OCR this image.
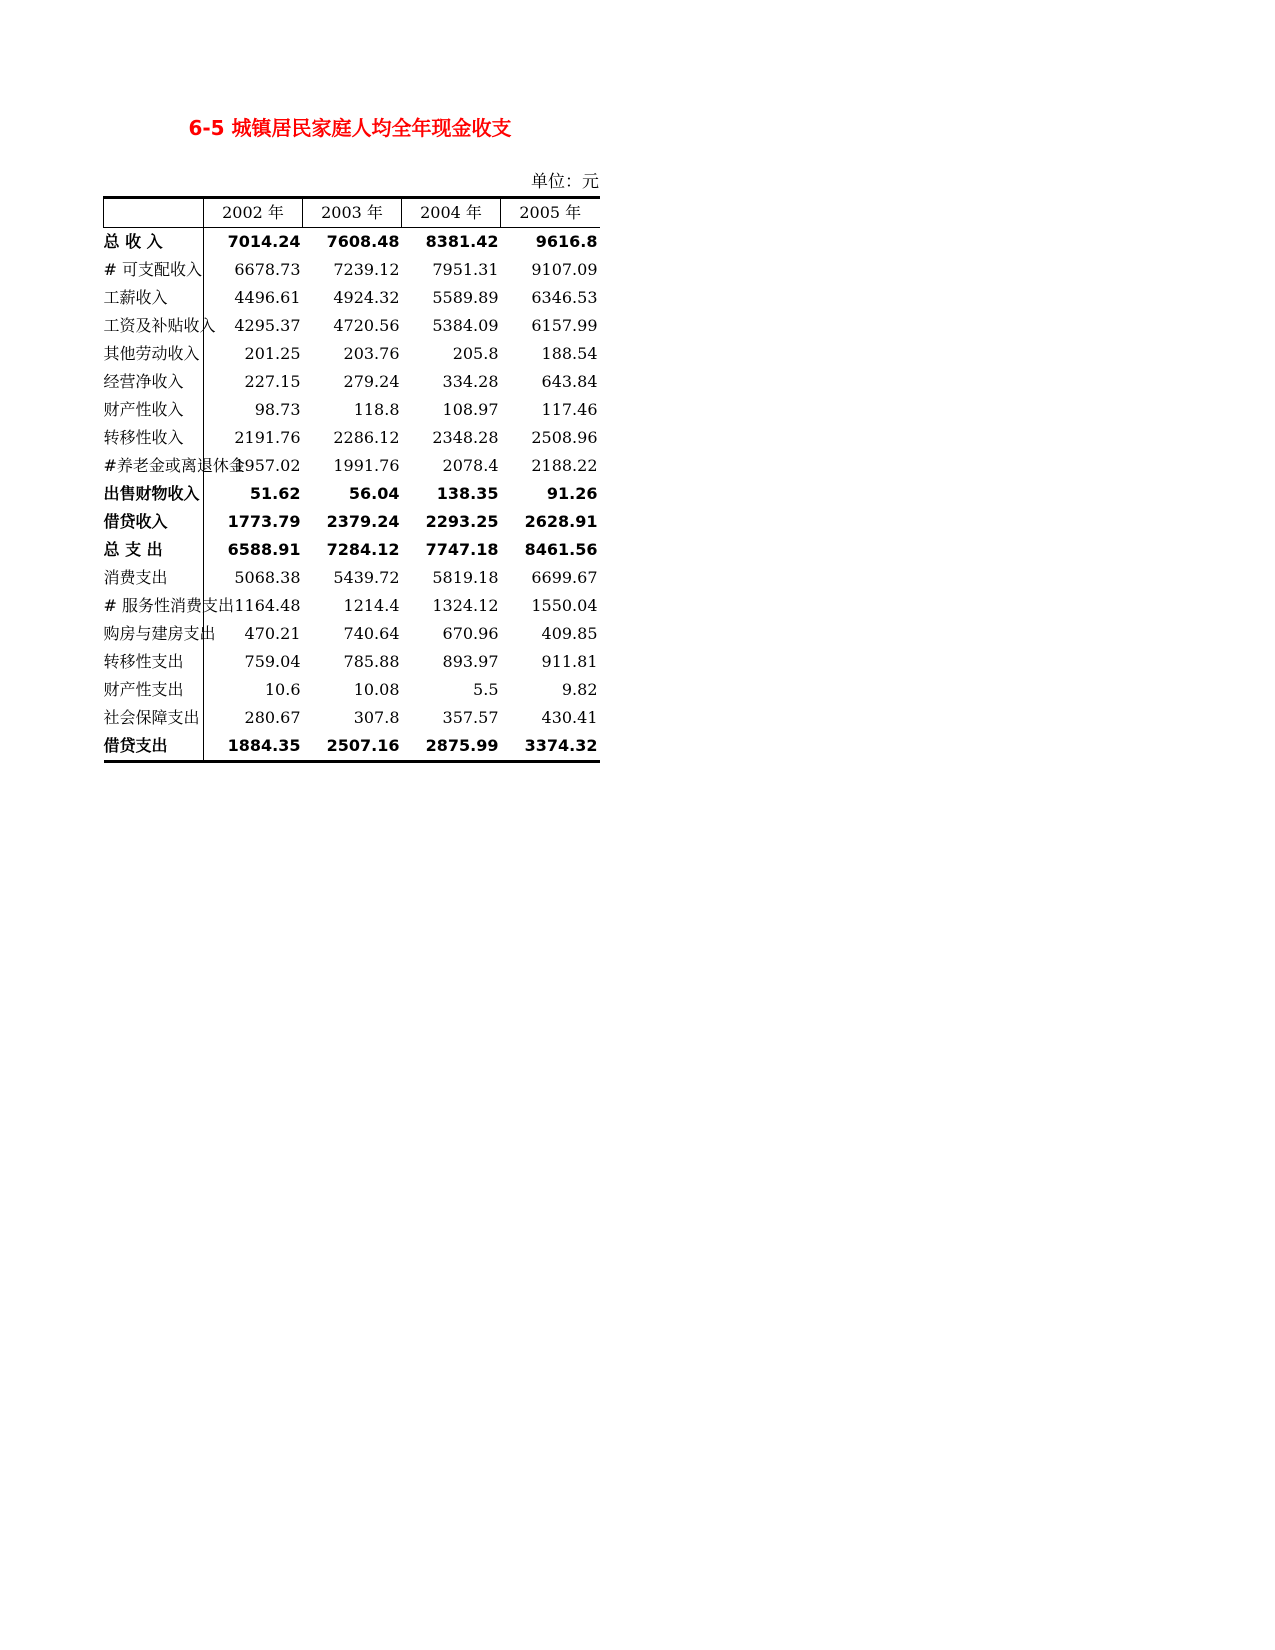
6-5 城镇居民家庭人均全年现金收支
单位：元
	2002 年	2003 年	2004 年	2005 年
总 收 入	7014.24	7608.48	8381.42	9616.8
# 可支配收入	6678.73	7239.12	7951.31	9107.09
工薪收入	4496.61	4924.32	5589.89	6346.53
工资及补贴收入	4295.37	4720.56	5384.09	6157.99
其他劳动收入	201.25	203.76	205.8	188.54
经营净收入	227.15	279.24	334.28	643.84
财产性收入	98.73	118.8	108.97	117.46
转移性收入	2191.76	2286.12	2348.28	2508.96
#养老金或离退休金	1957.02	1991.76	2078.4	2188.22
出售财物收入	51.62	56.04	138.35	91.26
借贷收入	1773.79	2379.24	2293.25	2628.91
总 支 出	6588.91	7284.12	7747.18	8461.56
消费支出	5068.38	5439.72	5819.18	6699.67
# 服务性消费支出	1164.48	1214.4	1324.12	1550.04
购房与建房支出	470.21	740.64	670.96	409.85
转移性支出	759.04	785.88	893.97	911.81
财产性支出	10.6	10.08	5.5	9.82
社会保障支出	280.67	307.8	357.57	430.41
借贷支出	1884.35	2507.16	2875.99	3374.32
